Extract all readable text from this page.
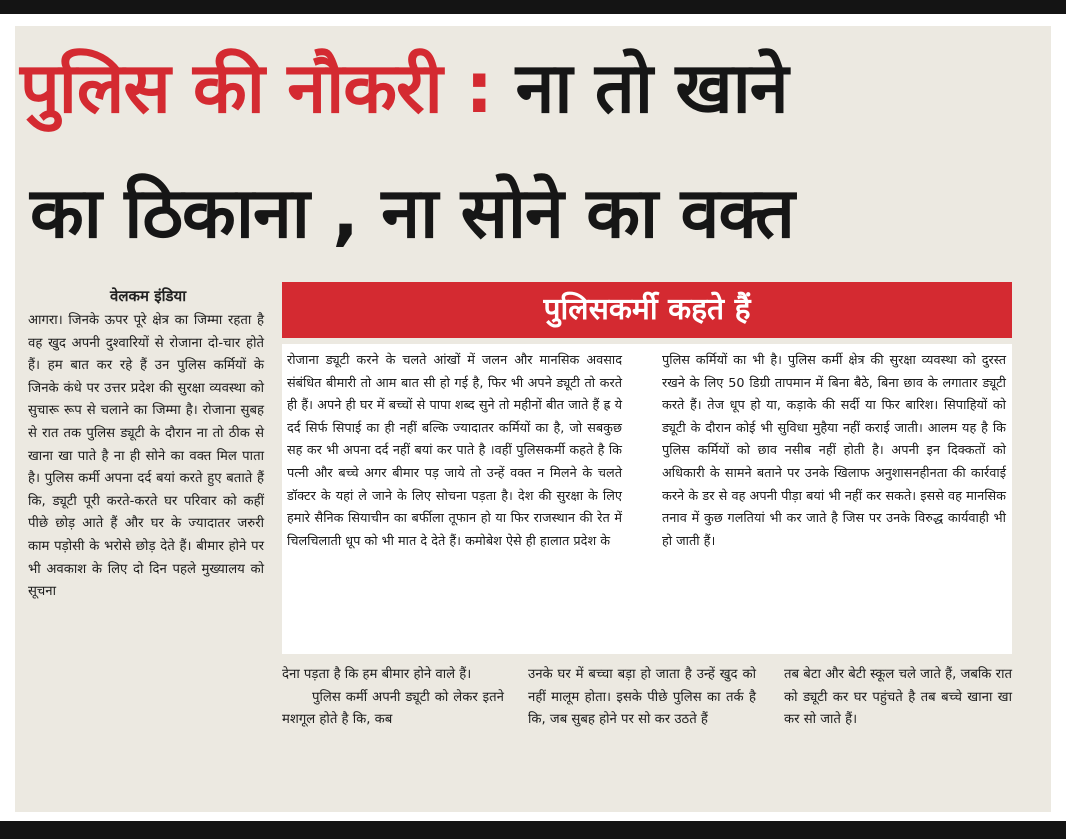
पुलिस की नौकरी : ना तो खाने
का ठिकाना , ना सोने का वक्त
वेलकम इंडिया
आगरा। जिनके ऊपर पूरे क्षेत्र का जिम्मा रहता है वह खुद अपनी दुश्वारियों से रोजाना दो-चार होते हैं। हम बात कर रहे हैं उन पुलिस कर्मियों के जिनके कंधे पर उत्तर प्रदेश की सुरक्षा व्यवस्था को सुचारू रूप से चलाने का जिम्मा है। रोजाना सुबह से रात तक पुलिस ड्यूटी के दौरान ना तो ठीक से खाना खा पाते है ना ही सोने का वक्त मिल पाता है। पुलिस कर्मी अपना दर्द बयां करते हुए बताते हैं कि, ड्यूटी पूरी करते-करते घर परिवार को कहीं पीछे छोड़ आते हैं और घर के ज्यादातर जरुरी काम पड़ोसी के भरोसे छोड़ देते हैं। बीमार होने पर भी अवकाश के लिए दो दिन पहले मुख्यालय को सूचना
पुलिसकर्मी कहते हैं
रोजाना ड्यूटी करने के चलते आंखों में जलन और मानसिक अवसाद संबंधित बीमारी तो आम बात सी हो गई है, फिर भी अपने ड्यूटी तो करते ही हैं। अपने ही घर में बच्चों से पापा शब्द सुने तो महीनों बीत जाते हैं ह्र ये दर्द सिर्फ सिपाई का ही नहीं बल्कि ज्यादातर कर्मियों का है, जो सबकुछ सह कर भी अपना दर्द नहीं बयां कर पाते है ।वहीं पुलिसकर्मी कहते है कि पत्नी और बच्चे अगर बीमार पड़ जाये तो उन्हें वक्त न मिलने के चलते डॉक्टर के यहां ले जाने के लिए सोचना पड़ता है। देश की सुरक्षा के लिए हमारे सैनिक सियाचीन का बर्फीला तूफान हो या फिर राजस्थान की रेत में चिलचिलाती धूप को भी मात दे देते हैं। कमोबेश ऐसे ही हालात प्रदेश के
पुलिस कर्मियों का भी है। पुलिस कर्मी क्षेत्र की सुरक्षा व्यवस्था को दुरस्त रखने के लिए 50 डिग्री तापमान में बिना बैठे, बिना छाव के लगातार ड्यूटी करते हैं। तेज धूप हो या, कड़ाके की सर्दी या फिर बारिश। सिपाहियों को ड्यूटी के दौरान कोई भी सुविधा मुहैया नहीं कराई जाती। आलम यह है कि पुलिस कर्मियों को छाव नसीब नहीं होती है। अपनी इन दिक्कतों को अधिकारी के सामने बताने पर उनके खिलाफ अनुशासनहीनता की कार्रवाई करने के डर से वह अपनी पीड़ा बयां भी नहीं कर सकते। इससे वह मानसिक तनाव में कुछ गलतियां भी कर जाते है जिस पर उनके विरुद्ध कार्यवाही भी हो जाती हैं।
देना पड़ता है कि हम बीमार होने वाले हैं।
पुलिस कर्मी अपनी ड्यूटी को लेकर इतने मशगूल होते है कि, कब
उनके घर में बच्चा बड़ा हो जाता है उन्हें खुद को नहीं मालूम होता। इसके पीछे पुलिस का तर्क है कि, जब सुबह होने पर सो कर उठते हैं
तब बेटा और बेटी स्कूल चले जाते हैं, जबकि रात को ड्यूटी कर घर पहुंचते है तब बच्चे खाना खा कर सो जाते हैं।
